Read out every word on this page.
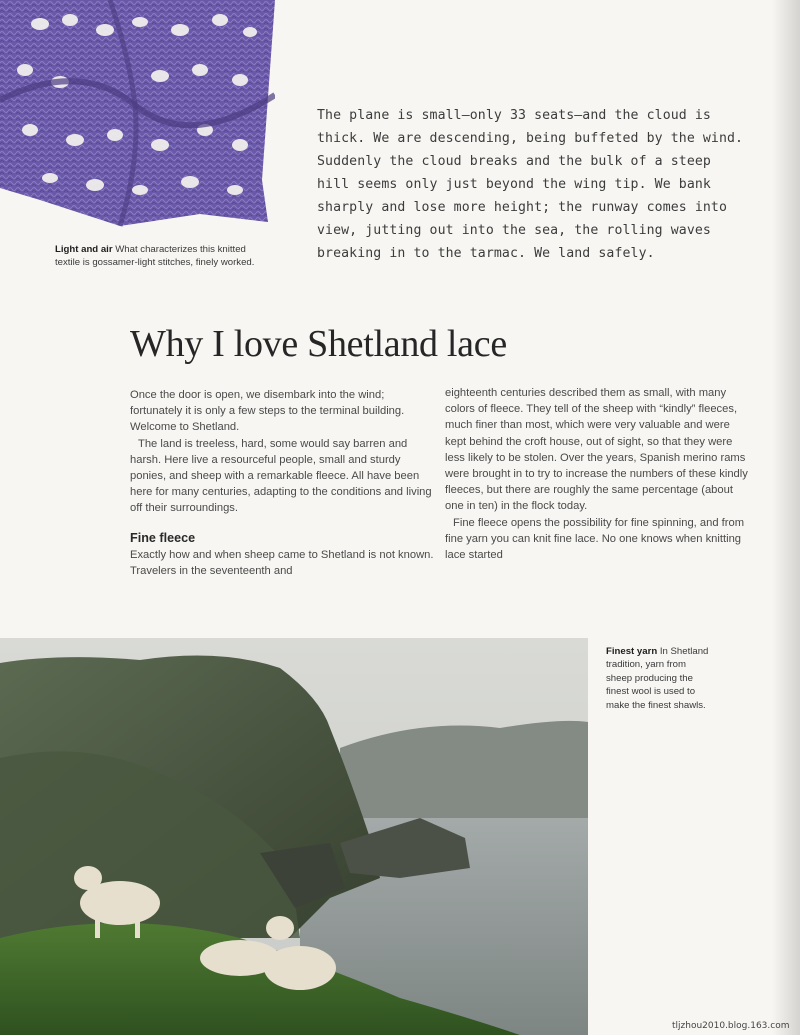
Light and air What characterizes this knitted textile is gossamer-light stitches, finely worked.
The plane is small—only 33 seats—and the cloud is thick. We are descending, being buffeted by the wind. Suddenly the cloud breaks and the bulk of a steep hill seems only just beyond the wing tip. We bank sharply and lose more height; the runway comes into view, jutting out into the sea, the rolling waves breaking in to the tarmac. We land safely.
Why I love Shetland lace

Once the door is open, we disembark into the wind; fortunately it is only a few steps to the terminal building. Welcome to Shetland.

The land is treeless, hard, some would say barren and harsh. Here live a resourceful people, small and sturdy ponies, and sheep with a remarkable fleece. All have been here for many centuries, adapting to the conditions and living off their surroundings.

Fine fleece

Exactly how and when sheep came to Shetland is not known. Travelers in the seventeenth and

eighteenth centuries described them as small, with many colors of fleece. They tell of the sheep with “kindly” fleeces, much finer than most, which were very valuable and were kept behind the croft house, out of sight, so that they were less likely to be stolen. Over the years, Spanish merino rams were brought in to try to increase the numbers of these kindly fleeces, but there are roughly the same percentage (about one in ten) in the flock today.

Fine fleece opens the possibility for fine spinning, and from fine yarn you can knit fine lace. No one knows when knitting lace started

Finest yarn In Shetland tradition, yarn from sheep producing the finest wool is used to make the finest shawls.
tljzhou2010.blog.163.com
